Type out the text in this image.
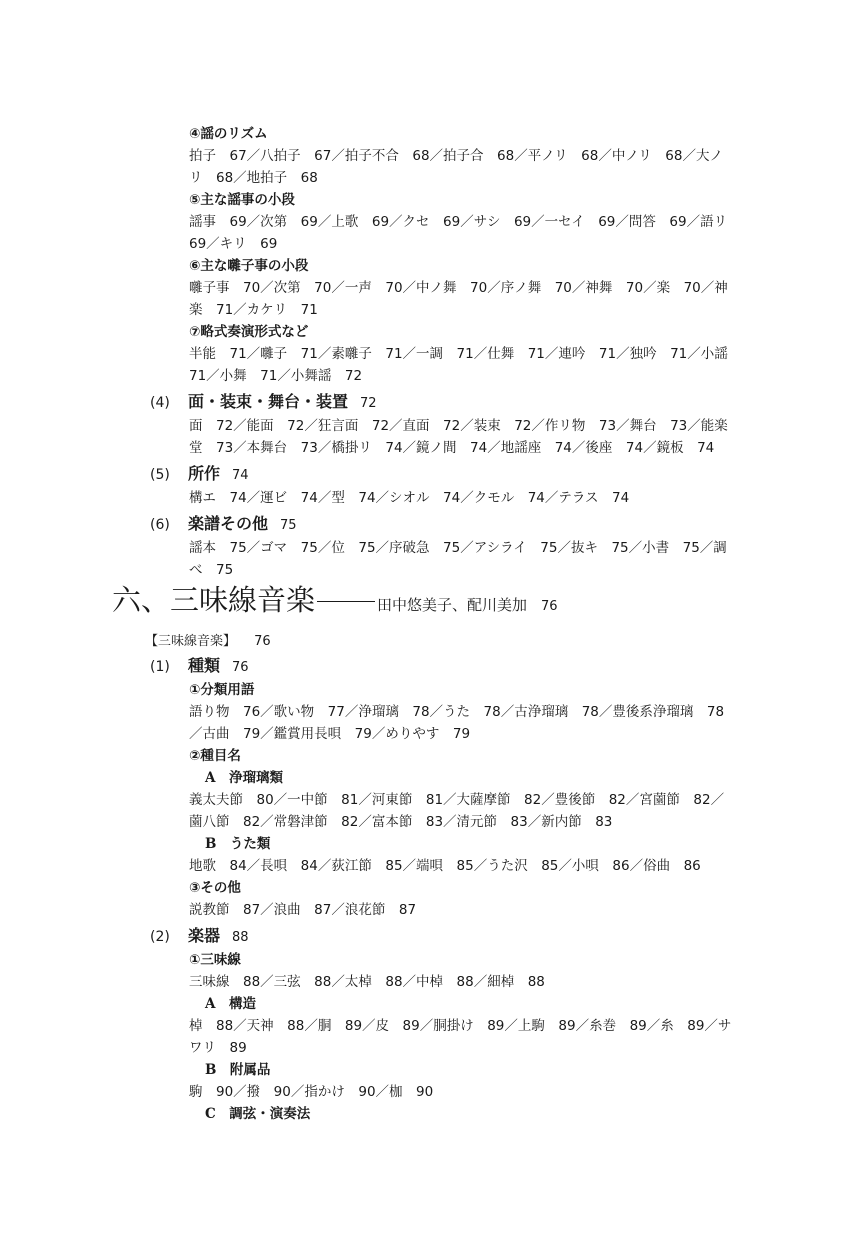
④謡のリズム
拍子　67／八拍子　67／拍子不合　68／拍子合　68／平ノリ　68／中ノリ　68／大ノ
リ　68／地拍子　68
⑤主な謡事の小段
謡事　69／次第　69／上歌　69／クセ　69／サシ　69／一セイ　69／問答　69／語リ
69／キリ　69
⑥主な囃子事の小段
囃子事　70／次第　70／一声　70／中ノ舞　70／序ノ舞　70／神舞　70／楽　70／神
楽　71／カケリ　71
⑦略式奏演形式など
半能　71／囃子　71／素囃子　71／一調　71／仕舞　71／連吟　71／独吟　71／小謡
71／小舞　71／小舞謡　72
(4)	面・装束・舞台・装置 72
面　72／能面　72／狂言面　72／直面　72／装束　72／作リ物　73／舞台　73／能楽
堂　73／本舞台　73／橋掛リ　74／鏡ノ間　74／地謡座　74／後座　74／鏡板　74
(5)	所作 74
構エ　74／運ビ　74／型　74／シオル　74／クモル　74／テラス　74
(6)	楽譜その他 75
謡本　75／ゴマ　75／位　75／序破急　75／アシライ　75／抜キ　75／小書　75／調
べ　75
六、三味線音楽	田中悠美子、配川美加 76
【三味線音楽】 76
(1)	種類 76
①分類用語
語り物　76／歌い物　77／浄瑠璃　78／うた　78／古浄瑠璃　78／豊後系浄瑠璃　78
／古曲　79／鑑賞用長唄　79／めりやす　79
②種目名
A　浄瑠璃類
義太夫節　80／一中節　81／河東節　81／大薩摩節　82／豊後節　82／宮薗節　82／
薗八節　82／常磐津節　82／富本節　83／清元節　83／新内節　83
B　うた類
地歌　84／長唄　84／荻江節　85／端唄　85／うた沢　85／小唄　86／俗曲　86
③その他
説教節　87／浪曲　87／浪花節　87
(2)	楽器 88
①三味線
三味線　88／三弦　88／太棹　88／中棹　88／細棹　88
A　構造
棹　88／天神　88／胴　89／皮　89／胴掛け　89／上駒　89／糸巻　89／糸　89／サ
ワリ　89
B　附属品
駒　90／撥　90／指かけ　90／枷　90
C　調弦・演奏法
